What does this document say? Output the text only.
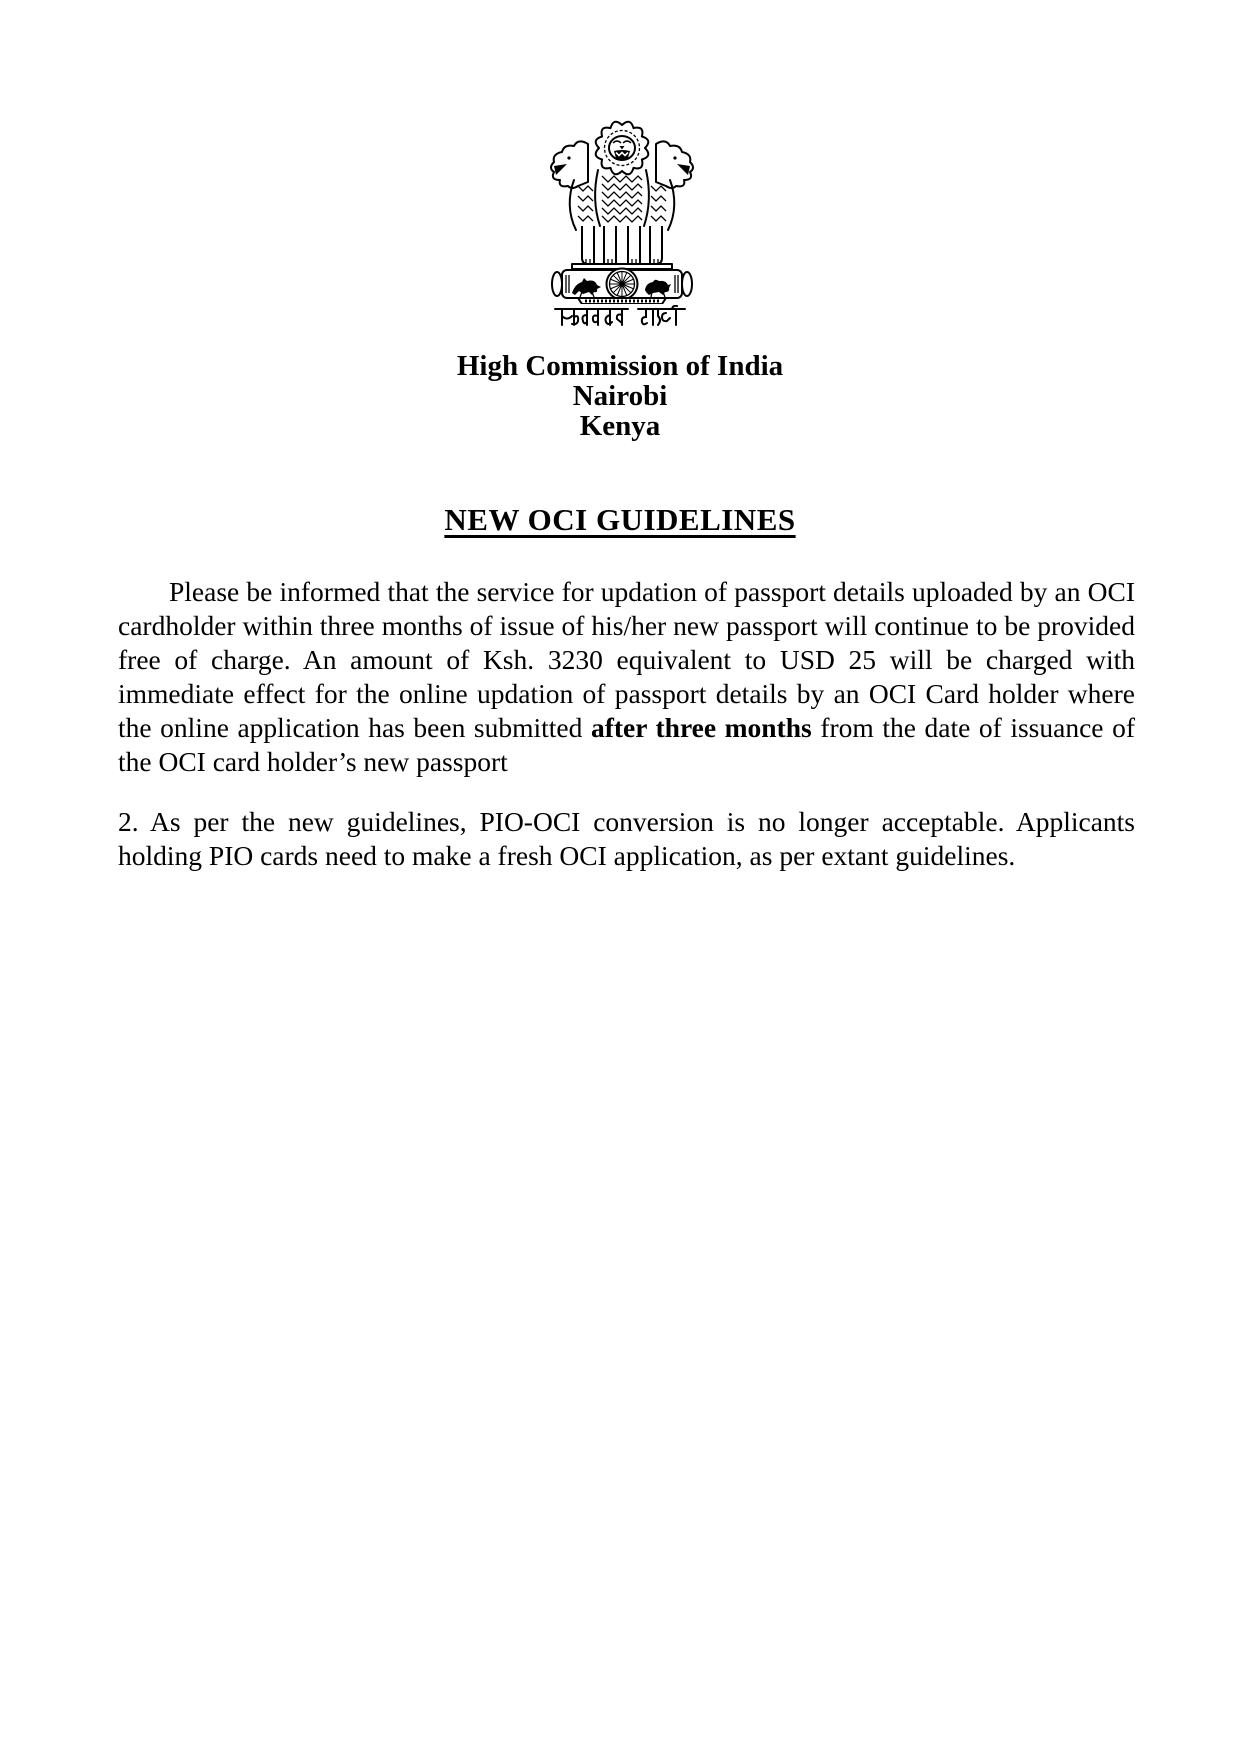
High Commission of India
Nairobi
Kenya
NEW OCI GUIDELINES

Please be informed that the service for updation of passport details uploaded by an OCI cardholder within three months of issue of his/her new passport will continue to be provided free of charge. An amount of Ksh. 3230 equivalent to USD 25 will be charged with immediate effect for the online updation of passport details by an OCI Card holder where the online application has been submitted after three months from the date of issuance of the OCI card holder’s new passport

2. As per the new guidelines, PIO-OCI conversion is no longer acceptable. Applicants holding PIO cards need to make a fresh OCI application, as per extant guidelines.
